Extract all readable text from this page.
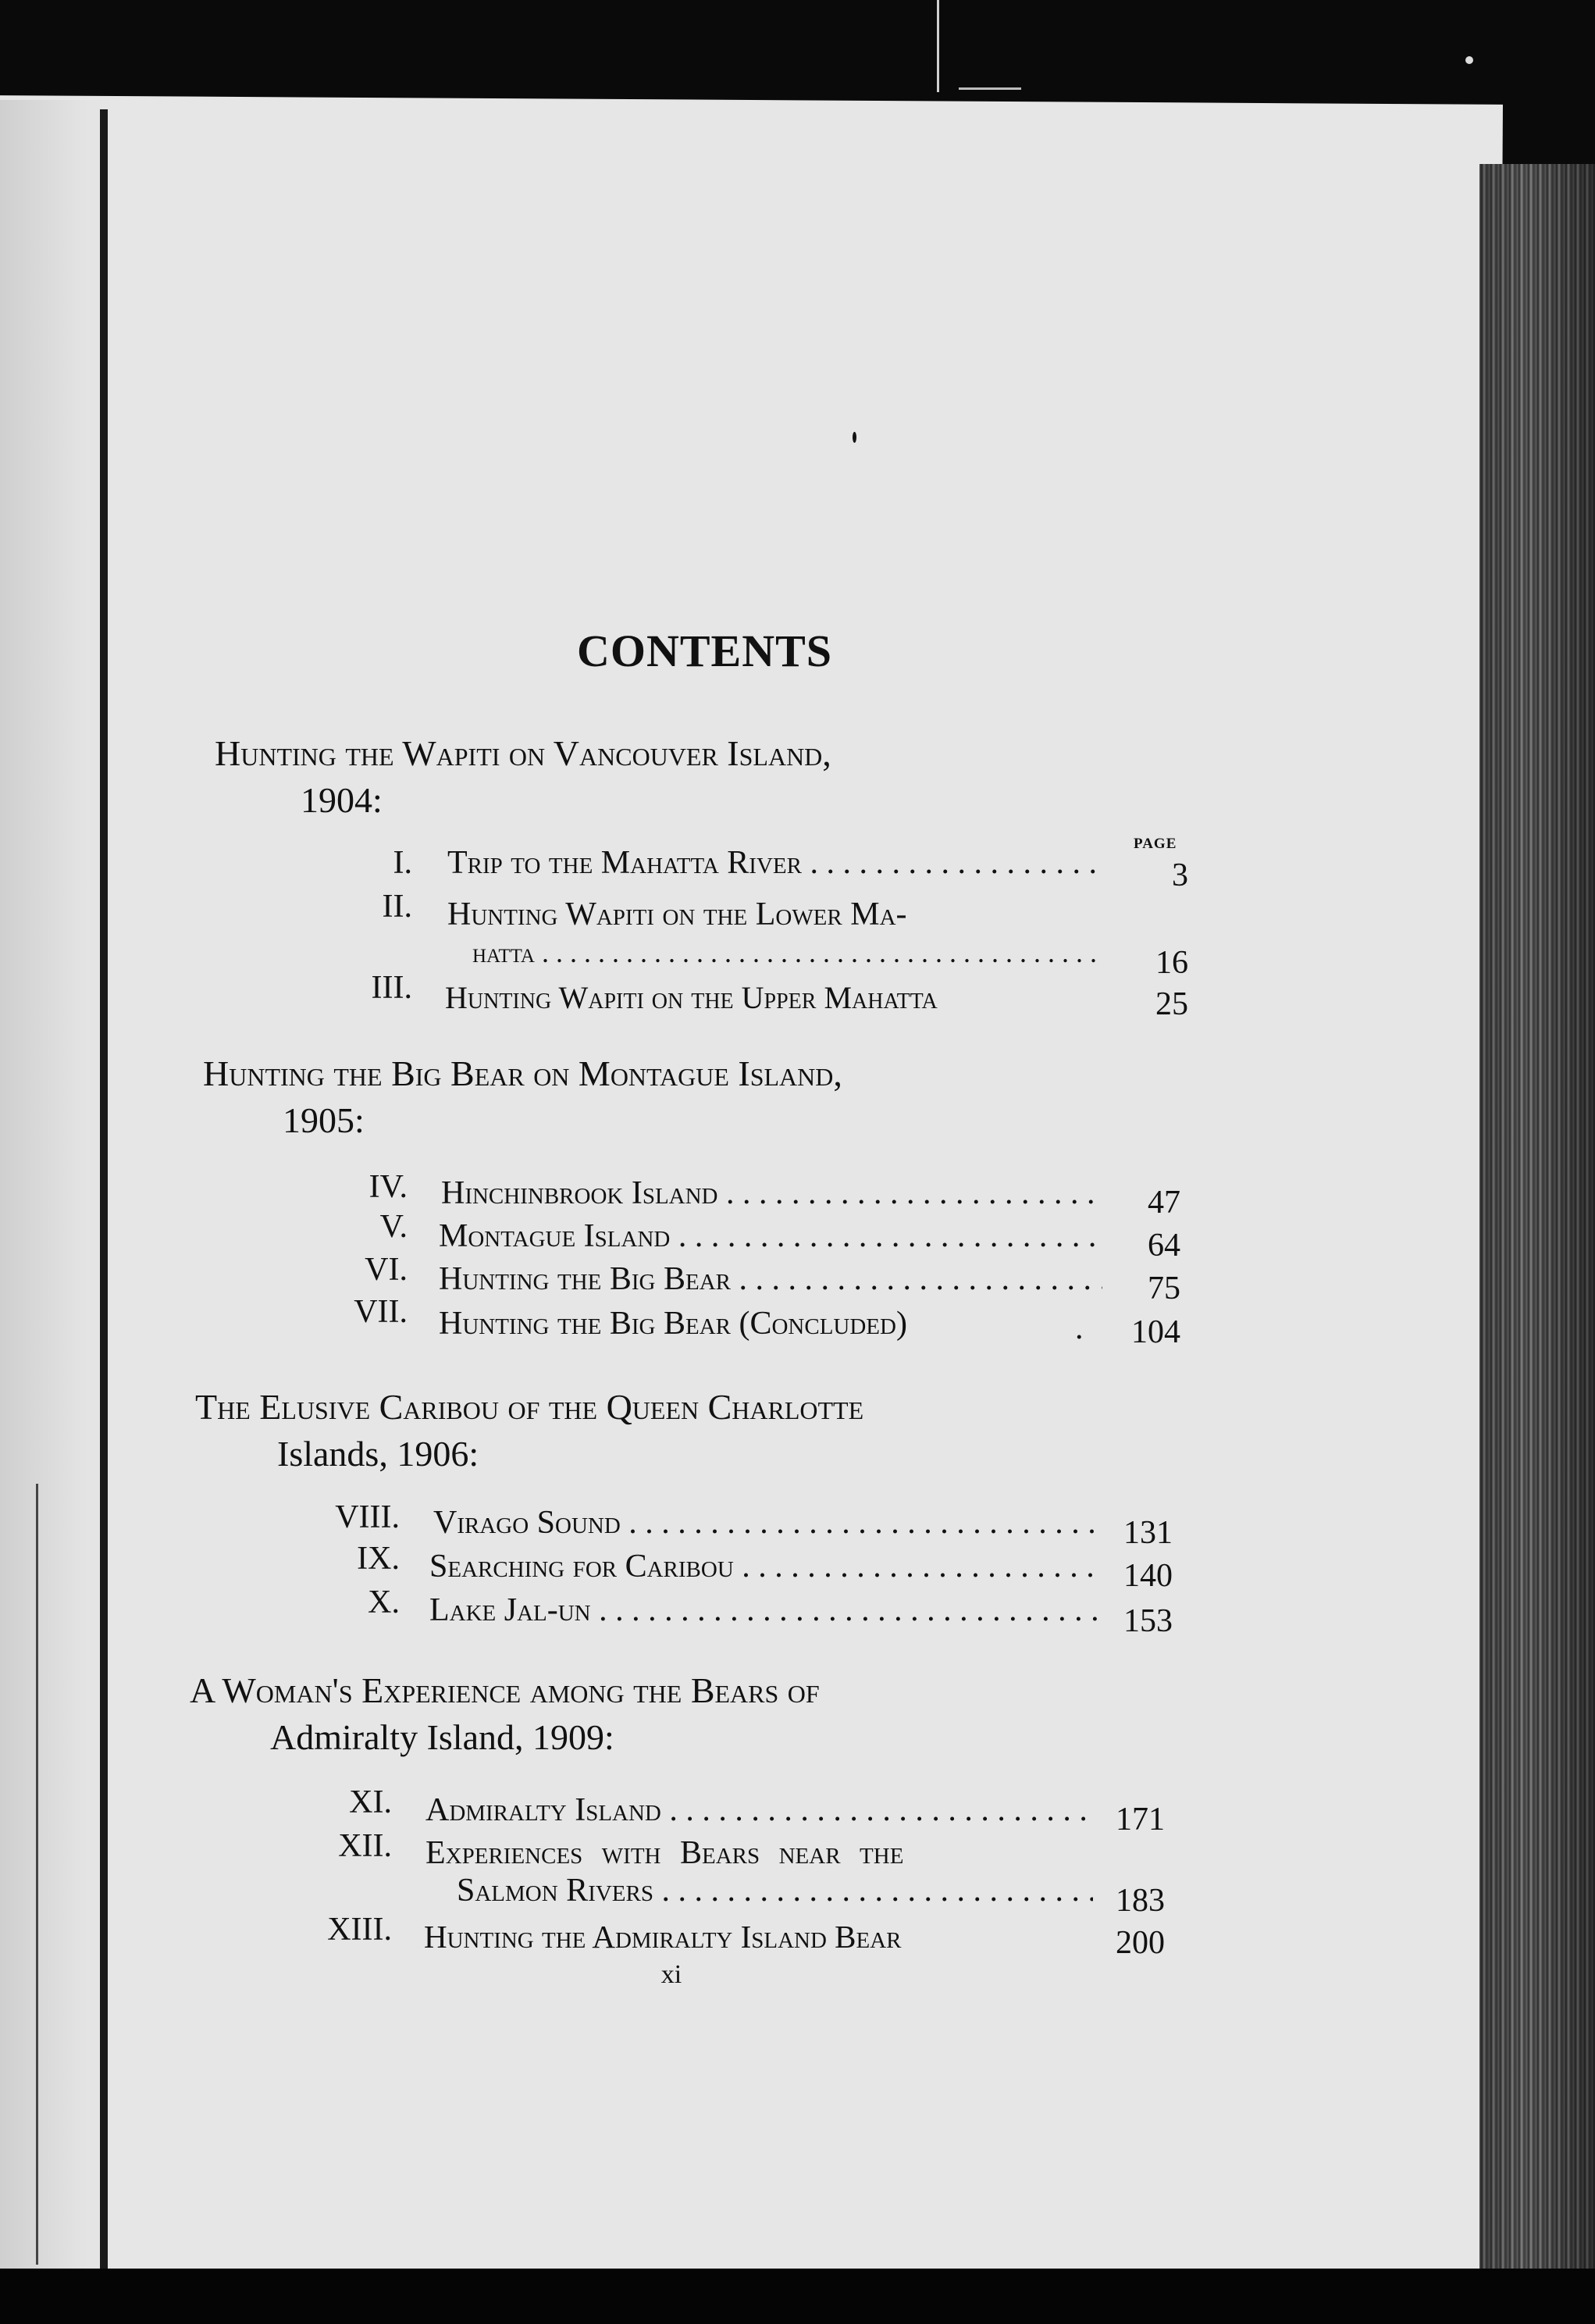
CONTENTS
PAGE
Hunting the Wapiti on Vancouver Island,
1904:
I. Trip to the Mahatta River . . .	3
II. Hunting Wapiti on the Lower Ma-
hatta . . .	16
III. Hunting Wapiti on the Upper Mahatta	25
Hunting the Big Bear on Montague Island,
1905:
IV. Hinchinbrook Island . . .	47
V. Montague Island . . .	64
VI. Hunting the Big Bear . . .	75
VII. Hunting the Big Bear (Concluded)	.	104
The Elusive Caribou of the Queen Charlotte
Islands, 1906:
VIII. Virago Sound . . .	131
IX. Searching for Caribou . . .	140
X. Lake Jal-un . . .	153
A Woman's Experience among the Bears of
Admiralty Island, 1909:
XI. Admiralty Island . . .	171
XII. Experiences with Bears near the
Salmon Rivers . . .	183
XIII. Hunting the Admiralty Island Bear	200
xi
